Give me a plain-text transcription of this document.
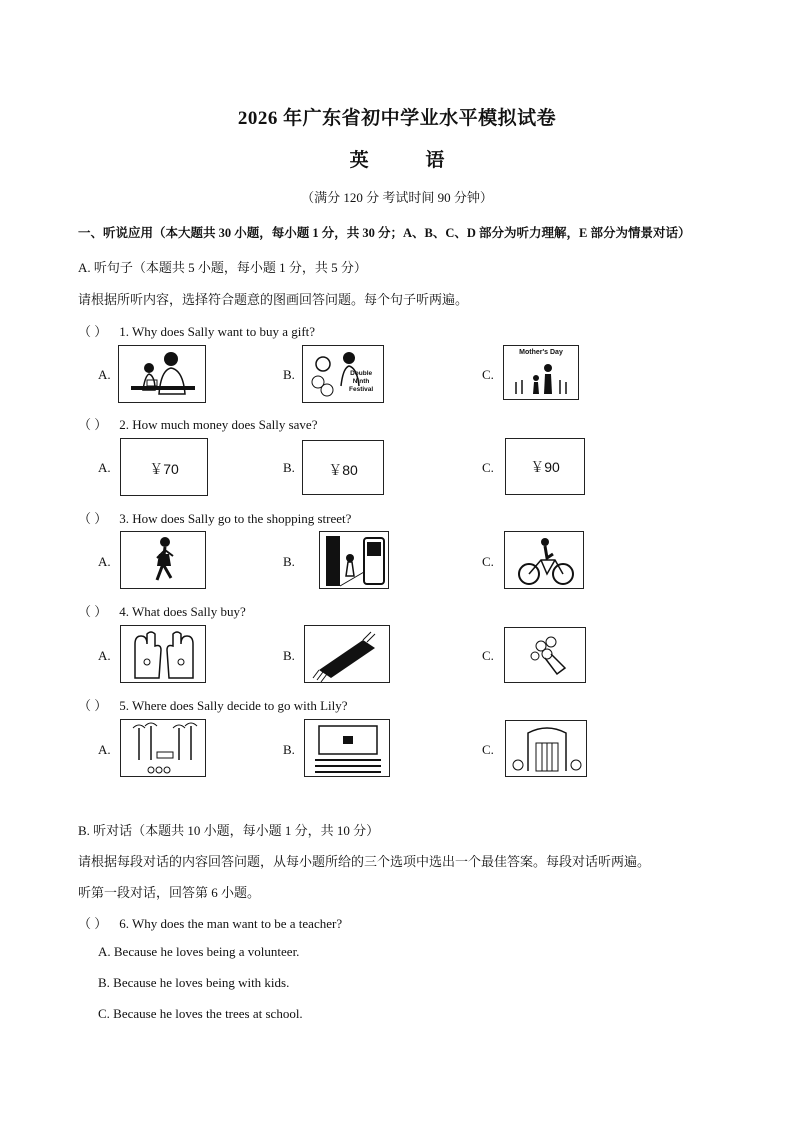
2026 年广东省初中学业水平模拟试卷
英 语
（满分 120 分 考试时间 90 分钟）
一、听说应用（本大题共 30 小题，每小题 1 分，共 30 分；A、B、C、D 部分为听力理解，E 部分为情景对话）
A. 听句子（本题共 5 小题，每小题 1 分，共 5 分）
请根据所听内容，选择符合题意的图画回答问题。每个句子听两遍。
（ ） 1. Why does Sally want to buy a gift?
A.	B.	Double
Ninth
Festival
C.
Mother's Day
（ ） 2. How much money does Sally save?
A.	￥70	B.	￥80	C.	￥90
（ ） 3. How does Sally go to the shopping street?
A.	B.	C.
（ ） 4. What does Sally buy?
A.	B.	C.
（ ） 5. Where does Sally decide to go with Lily?
A.	B.	C.
B. 听对话（本题共 10 小题，每小题 1 分，共 10 分）
请根据每段对话的内容回答问题，从每小题所给的三个选项中选出一个最佳答案。每段对话听两遍。
听第一段对话，回答第 6 小题。
（ ） 6. Why does the man want to be a teacher?
A. Because he loves being a volunteer.
B. Because he loves being with kids.
C. Because he loves the trees at school.
